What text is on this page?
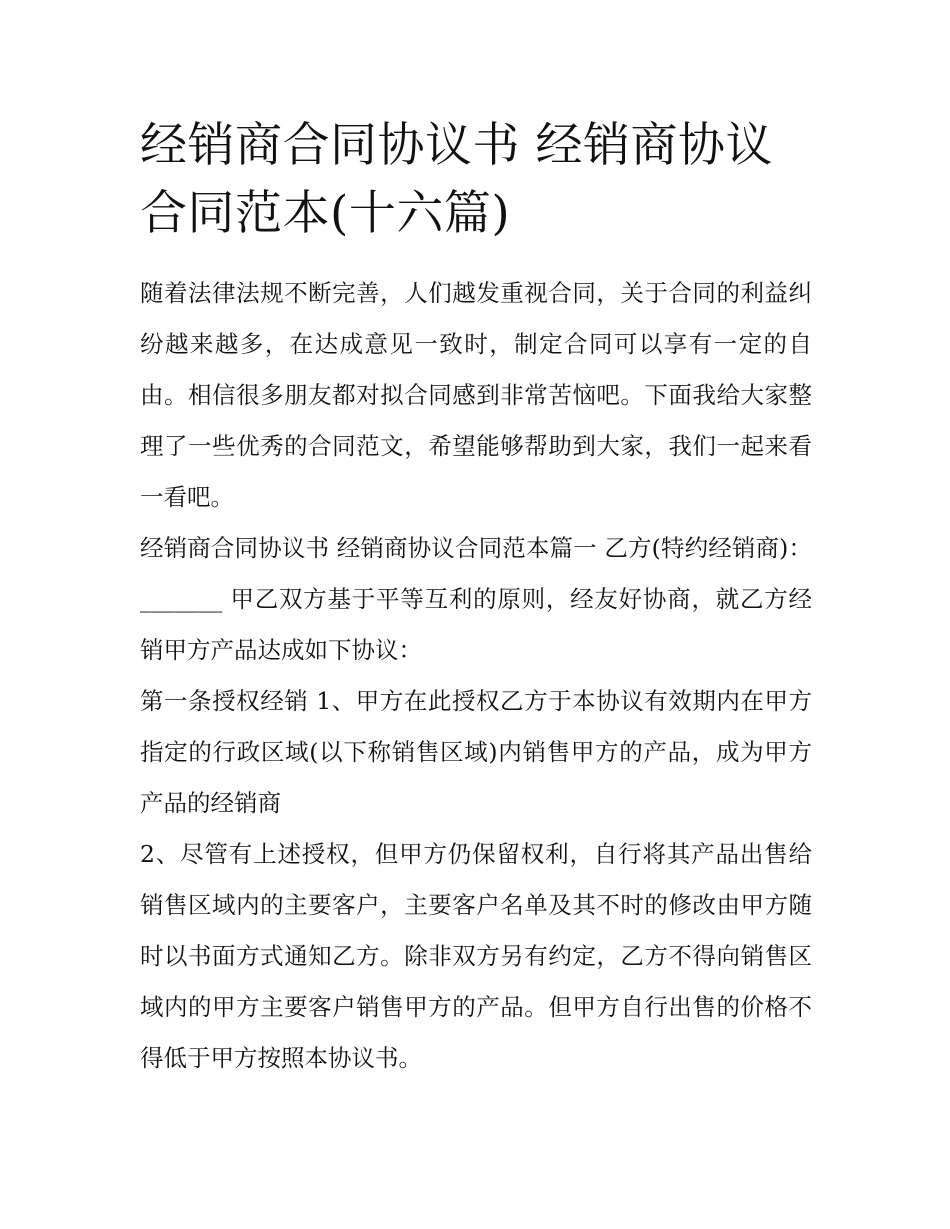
经销商合同协议书 经销商协议合同范本(十六篇)

随着法律法规不断完善，人们越发重视合同，关于合同的利益纠纷越来越多，在达成意见一致时，制定合同可以享有一定的自由。相信很多朋友都对拟合同感到非常苦恼吧。下面我给大家整理了一些优秀的合同范文，希望能够帮助到大家，我们一起来看一看吧。

经销商合同协议书 经销商协议合同范本篇一 乙方(特约经销商)：_______ 甲乙双方基于平等互利的原则，经友好协商，就乙方经销甲方产品达成如下协议：

第一条授权经销 1、甲方在此授权乙方于本协议有效期内在甲方指定的行政区域(以下称销售区域)内销售甲方的产品，成为甲方产品的经销商

2、尽管有上述授权，但甲方仍保留权利，自行将其产品出售给销售区域内的主要客户，主要客户名单及其不时的修改由甲方随时以书面方式通知乙方。除非双方另有约定，乙方不得向销售区域内的甲方主要客户销售甲方的产品。但甲方自行出售的价格不得低于甲方按照本协议书。
